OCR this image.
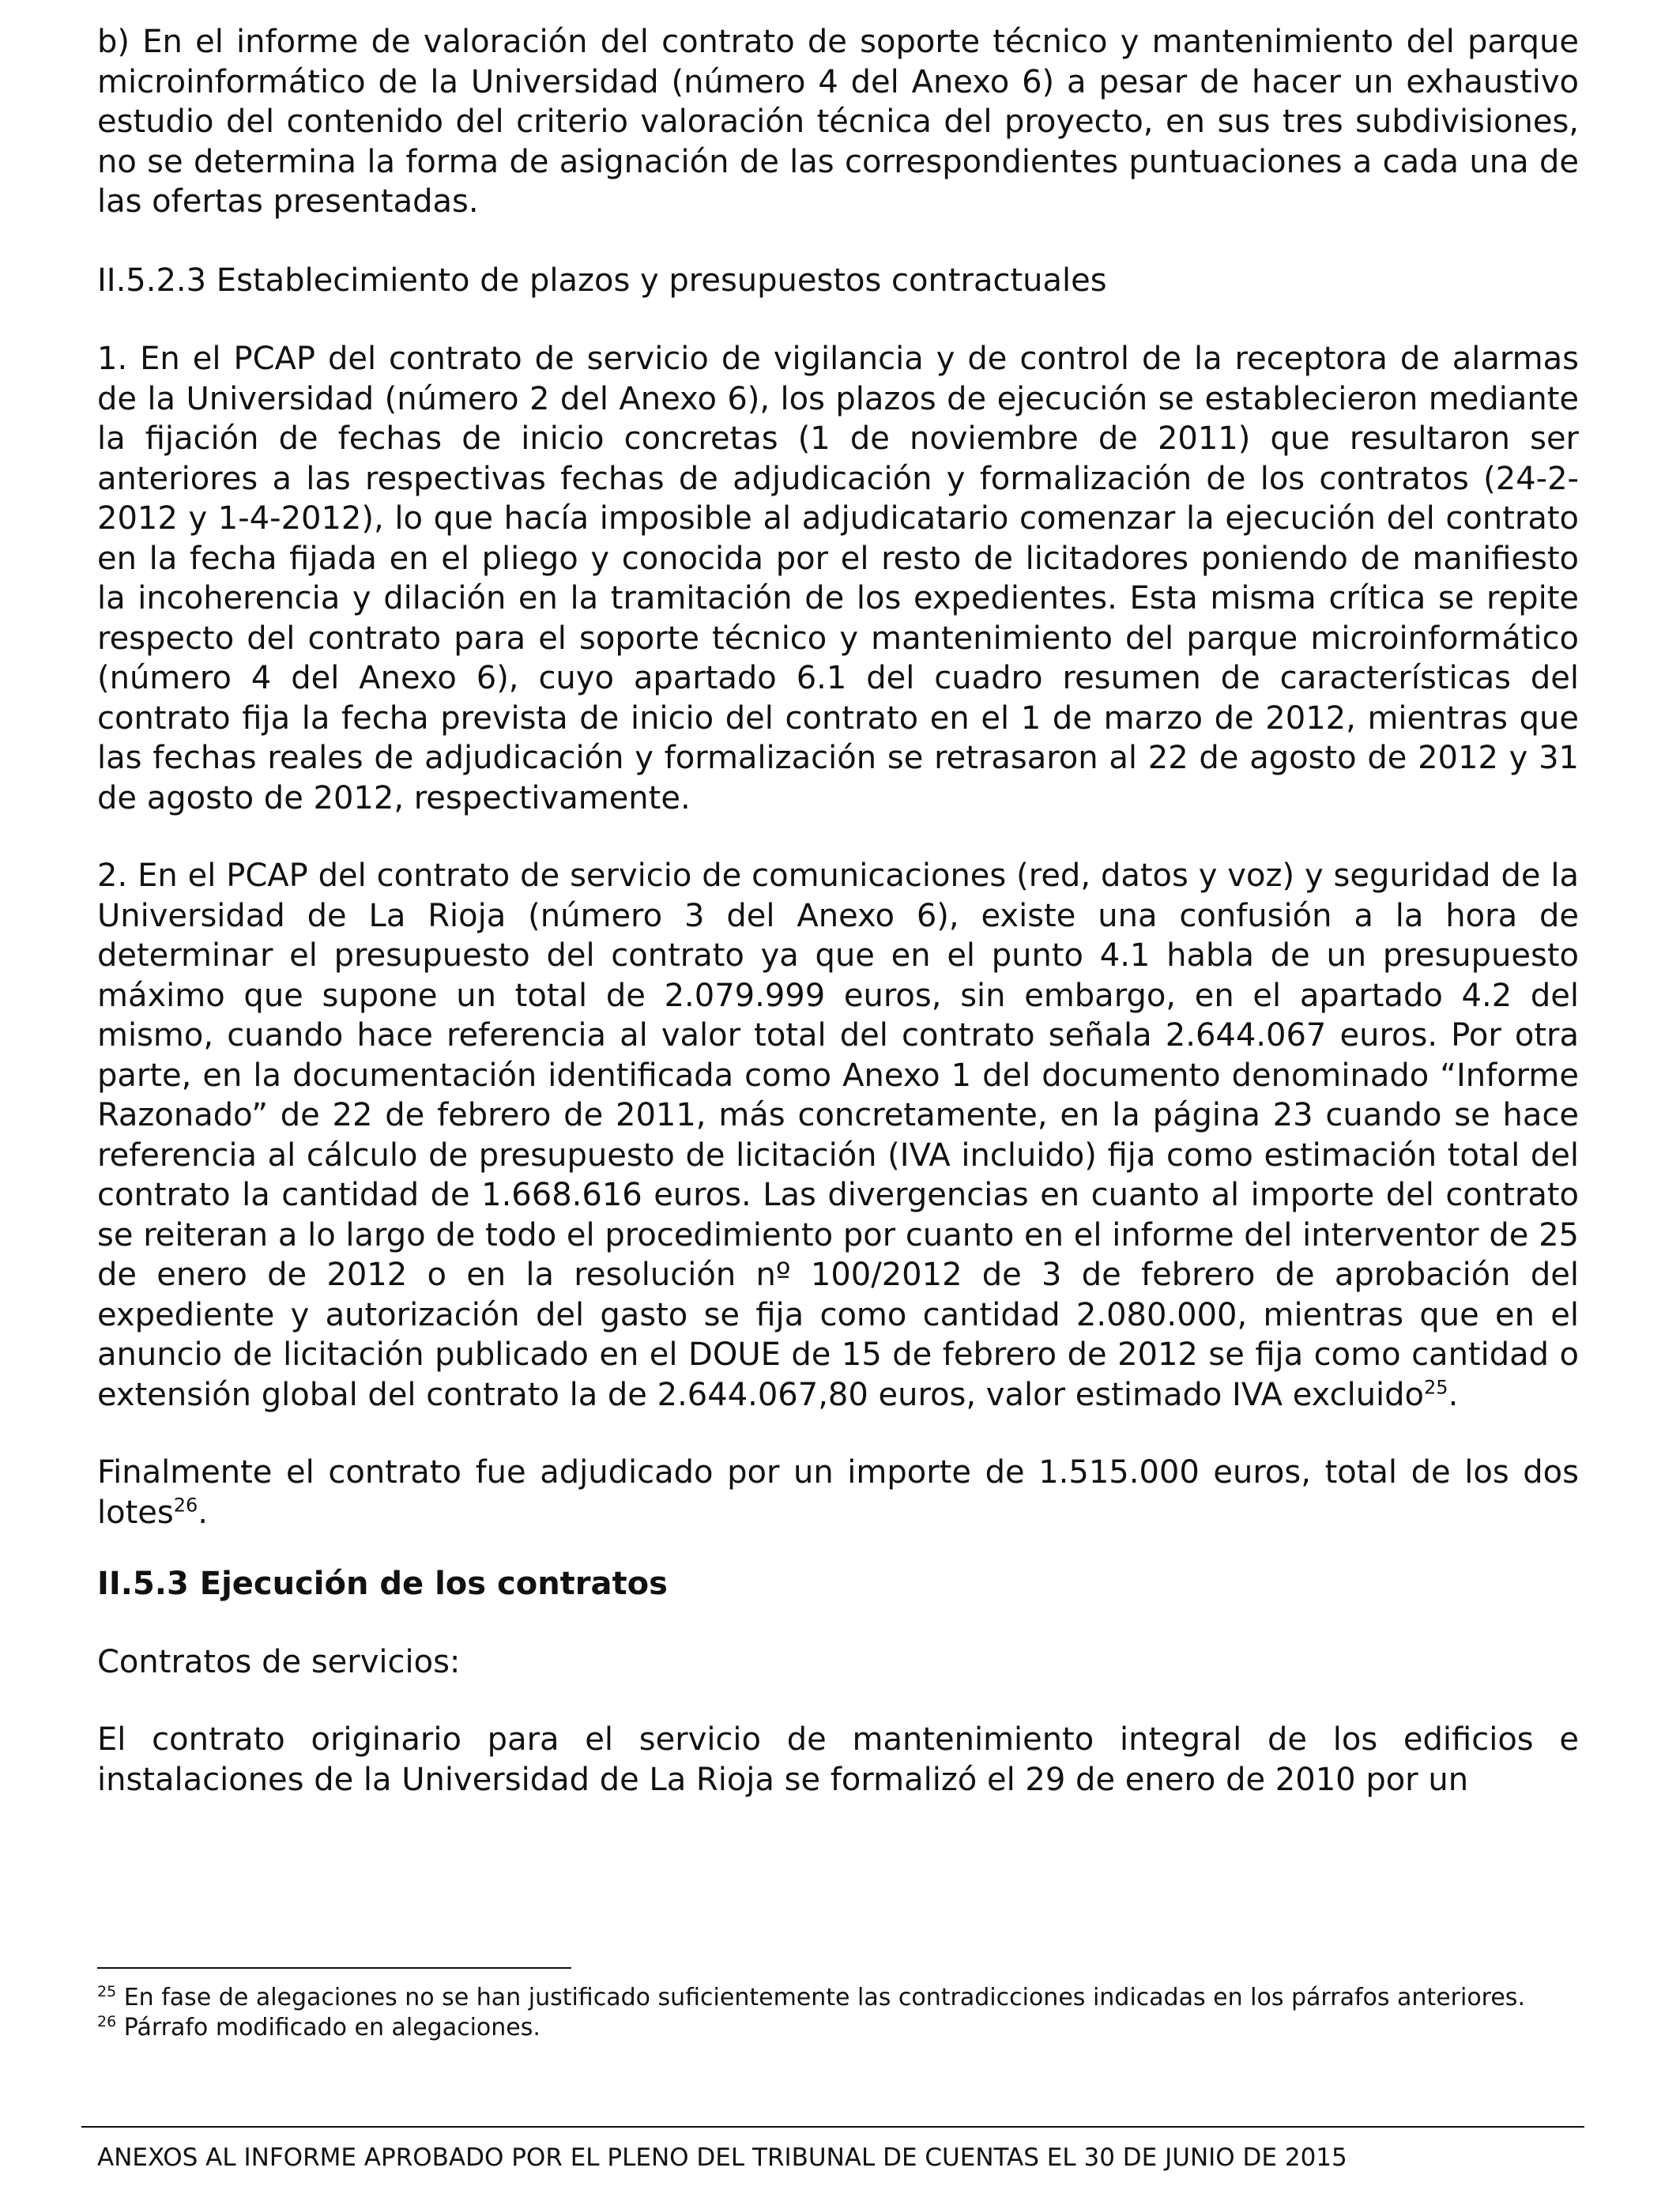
b) En el informe de valoración del contrato de soporte técnico y mantenimiento del parque microinformático de la Universidad (número 4 del Anexo 6) a pesar de hacer un exhaustivo estudio del contenido del criterio valoración técnica del proyecto, en sus tres subdivisiones, no se determina la forma de asignación de las correspondientes puntuaciones a cada una de las ofertas presentadas.

II.5.2.3 Establecimiento de plazos y presupuestos contractuales

1. En el PCAP del contrato de servicio de vigilancia y de control de la receptora de alarmas de la Universidad (número 2 del Anexo 6), los plazos de ejecución se establecieron mediante la fijación de fechas de inicio concretas (1 de noviembre de 2011) que resultaron ser anteriores a las respectivas fechas de adjudicación y formalización de los contratos (24-2-2012 y 1-4-2012), lo que hacía imposible al adjudicatario comenzar la ejecución del contrato en la fecha fijada en el pliego y conocida por el resto de licitadores poniendo de manifiesto la incoherencia y dilación en la tramitación de los expedientes. Esta misma crítica se repite respecto del contrato para el soporte técnico y mantenimiento del parque microinformático (número 4 del Anexo 6), cuyo apartado 6.1 del cuadro resumen de características del contrato fija la fecha prevista de inicio del contrato en el 1 de marzo de 2012, mientras que las fechas reales de adjudicación y formalización se retrasaron al 22 de agosto de 2012 y 31 de agosto de 2012, respectivamente.

2. En el PCAP del contrato de servicio de comunicaciones (red, datos y voz) y seguridad de la Universidad de La Rioja (número 3 del Anexo 6), existe una confusión a la hora de determinar el presupuesto del contrato ya que en el punto 4.1 habla de un presupuesto máximo que supone un total de 2.079.999 euros, sin embargo, en el apartado 4.2 del mismo, cuando hace referencia al valor total del contrato señala 2.644.067 euros. Por otra parte, en la documentación identificada como Anexo 1 del documento denominado “Informe Razonado” de 22 de febrero de 2011, más concretamente, en la página 23 cuando se hace referencia al cálculo de presupuesto de licitación (IVA incluido) fija como estimación total del contrato la cantidad de 1.668.616 euros. Las divergencias en cuanto al importe del contrato se reiteran a lo largo de todo el procedimiento por cuanto en el informe del interventor de 25 de enero de 2012 o en la resolución nº 100/2012 de 3 de febrero de aprobación del expediente y autorización del gasto se fija como cantidad 2.080.000, mientras que en el anuncio de licitación publicado en el DOUE de 15 de febrero de 2012 se fija como cantidad o extensión global del contrato la de 2.644.067,80 euros, valor estimado IVA excluido$^{25}$.

Finalmente el contrato fue adjudicado por un importe de 1.515.000 euros, total de los dos lotes$^{26}$.

II.5.3 Ejecución de los contratos

Contratos de servicios:

El contrato originario para el servicio de mantenimiento integral de los edificios e instalaciones de la Universidad de La Rioja se formalizó el 29 de enero de 2010 por un

$^{25}$ En fase de alegaciones no se han justificado suficientemente las contradicciones indicadas en los párrafos anteriores.

$^{26}$ Párrafo modificado en alegaciones.

ANEXOS AL INFORME APROBADO POR EL PLENO DEL TRIBUNAL DE CUENTAS EL 30 DE JUNIO DE 2015
